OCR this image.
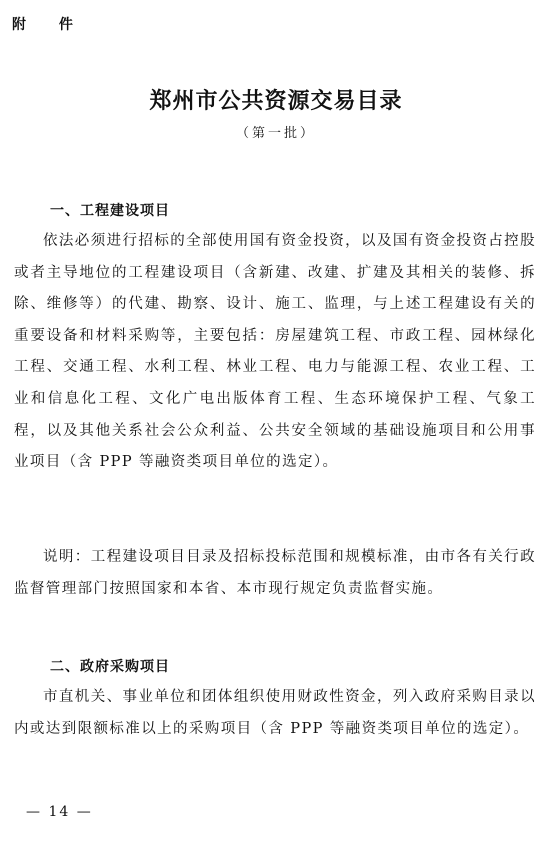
附 件
郑州市公共资源交易目录
（第一批）
一、工程建设项目
依法必须进行招标的全部使用国有资金投资，以及国有资金投资占控股或者主导地位的工程建设项目（含新建、改建、扩建及其相关的装修、拆除、维修等）的代建、勘察、设计、施工、监理，与上述工程建设有关的重要设备和材料采购等，主要包括：房屋建筑工程、市政工程、园林绿化工程、交通工程、水利工程、林业工程、电力与能源工程、农业工程、工业和信息化工程、文化广电出版体育工程、生态环境保护工程、气象工程，以及其他关系社会公众利益、公共安全领域的基础设施项目和公用事业项目（含 PPP 等融资类项目单位的选定）。
说明：工程建设项目目录及招标投标范围和规模标准，由市各有关行政监督管理部门按照国家和本省、本市现行规定负责监督实施。
二、政府采购项目
市直机关、事业单位和团体组织使用财政性资金，列入政府采购目录以内或达到限额标准以上的采购项目（含 PPP 等融资类项目单位的选定）。
— 14 —
